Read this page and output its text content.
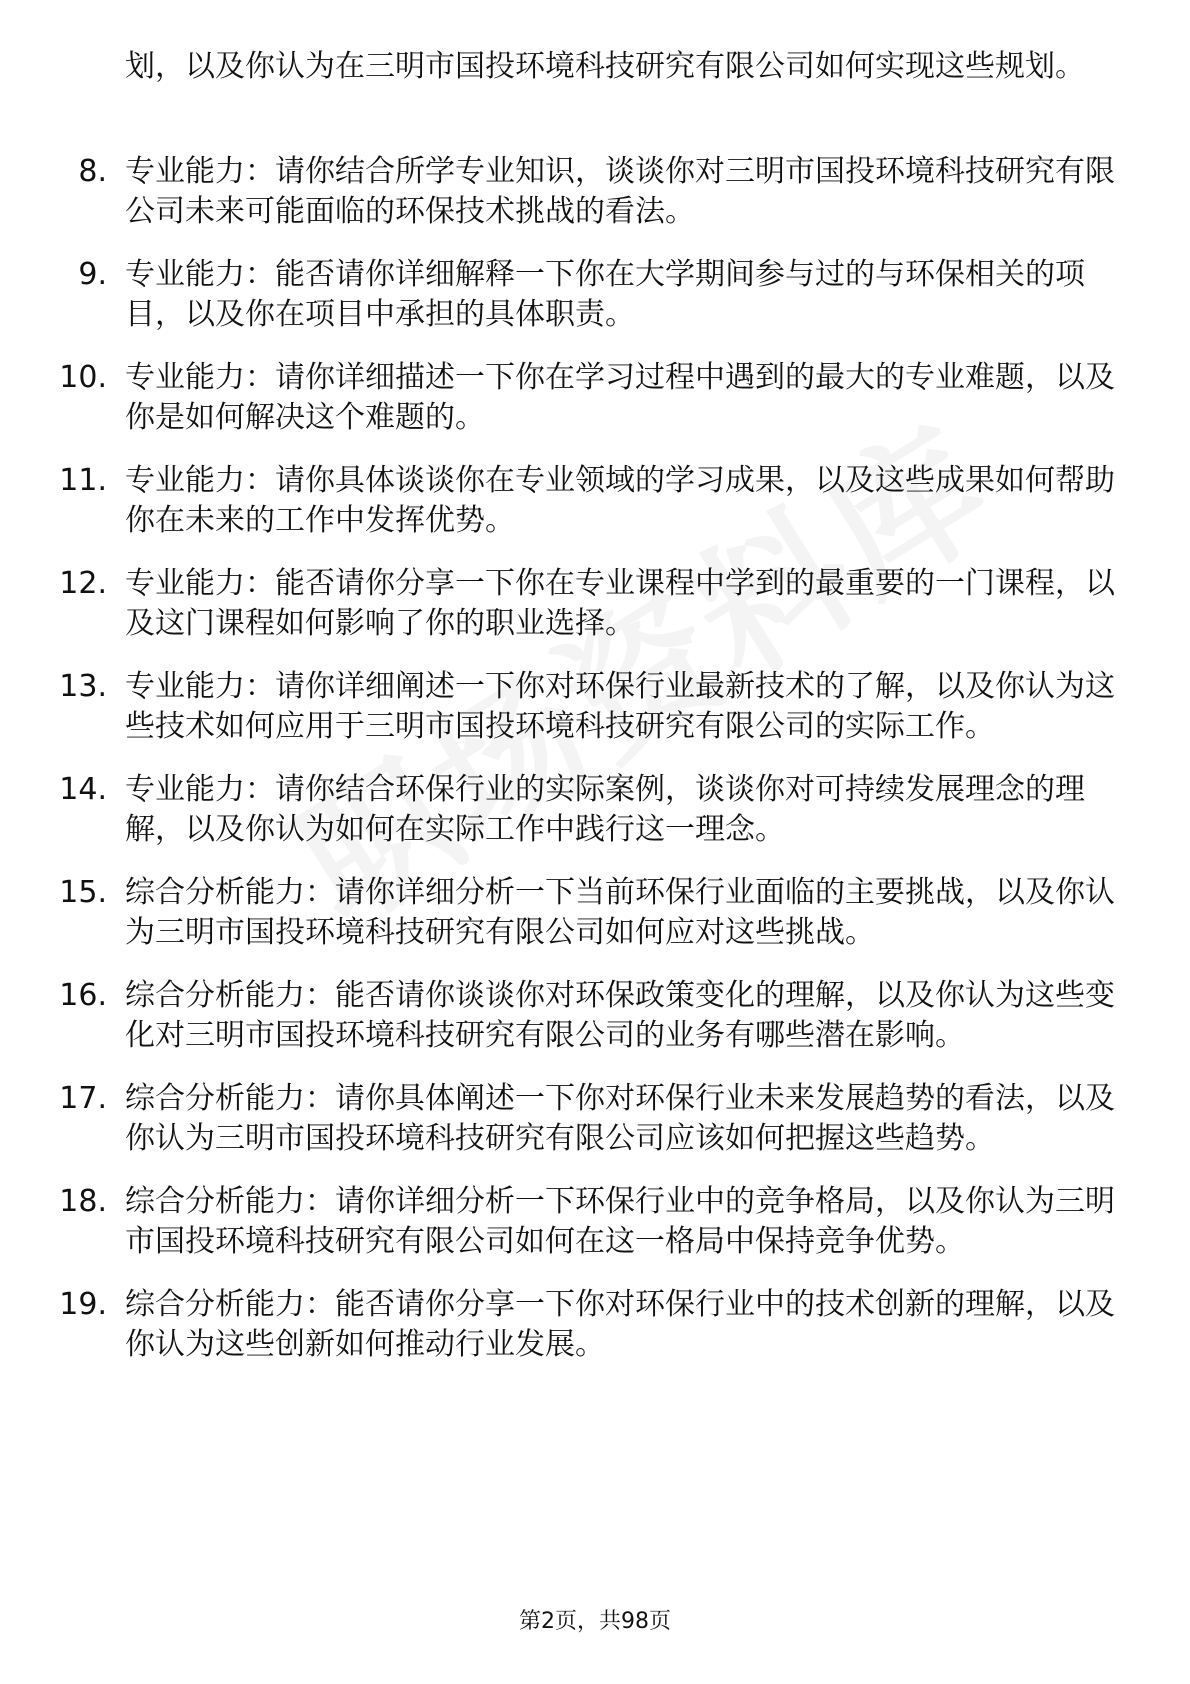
划，以及你认为在三明市国投环境科技研究有限公司如何实现这些规划。
8. 专业能力：请你结合所学专业知识，谈谈你对三明市国投环境科技研究有限公司未来可能面临的环保技术挑战的看法。
9. 专业能力：能否请你详细解释一下你在大学期间参与过的与环保相关的项目，以及你在项目中承担的具体职责。
10. 专业能力：请你详细描述一下你在学习过程中遇到的最大的专业难题，以及你是如何解决这个难题的。
11. 专业能力：请你具体谈谈你在专业领域的学习成果，以及这些成果如何帮助你在未来的工作中发挥优势。
12. 专业能力：能否请你分享一下你在专业课程中学到的最重要的一门课程，以及这门课程如何影响了你的职业选择。
13. 专业能力：请你详细阐述一下你对环保行业最新技术的了解，以及你认为这些技术如何应用于三明市国投环境科技研究有限公司的实际工作。
14. 专业能力：请你结合环保行业的实际案例，谈谈你对可持续发展理念的理解，以及你认为如何在实际工作中践行这一理念。
15. 综合分析能力：请你详细分析一下当前环保行业面临的主要挑战，以及你认为三明市国投环境科技研究有限公司如何应对这些挑战。
16. 综合分析能力：能否请你谈谈你对环保政策变化的理解，以及你认为这些变化对三明市国投环境科技研究有限公司的业务有哪些潜在影响。
17. 综合分析能力：请你具体阐述一下你对环保行业未来发展趋势的看法，以及你认为三明市国投环境科技研究有限公司应该如何把握这些趋势。
18. 综合分析能力：请你详细分析一下环保行业中的竞争格局，以及你认为三明市国投环境科技研究有限公司如何在这一格局中保持竞争优势。
19. 综合分析能力：能否请你分享一下你对环保行业中的技术创新的理解，以及你认为这些创新如何推动行业发展。
第2页，共98页
